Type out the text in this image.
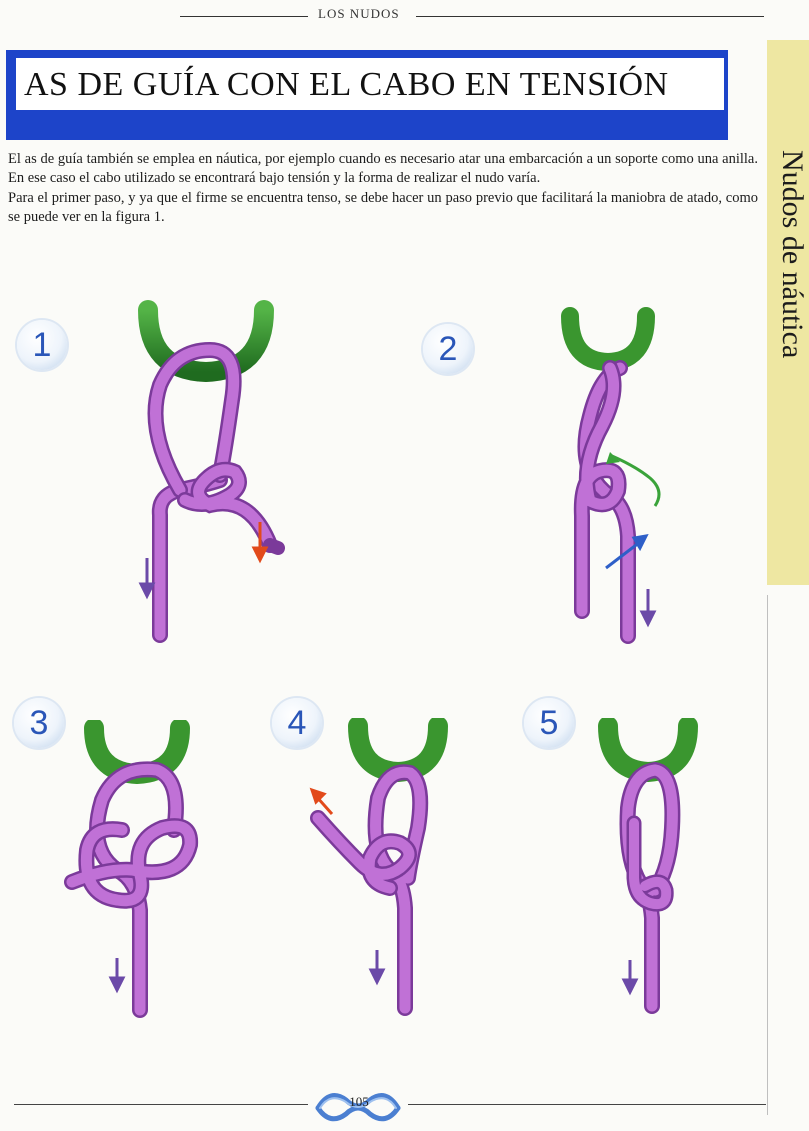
LOS NUDOS
AS DE GUÍA CON EL CABO EN TENSIÓN
Nudos de náutica

El as de guía también se emplea en náutica, por ejemplo cuando es necesario atar una embarcación a un soporte como una anilla. En ese caso el cabo utilizado se encontrará bajo tensión y la forma de realizar el nudo varía.

Para el primer paso, y ya que el firme se encuentra tenso, se debe hacer un paso previo que facilitará la maniobra de atado, como se puede ver en la figura 1.

1	2
3	4	5
105
